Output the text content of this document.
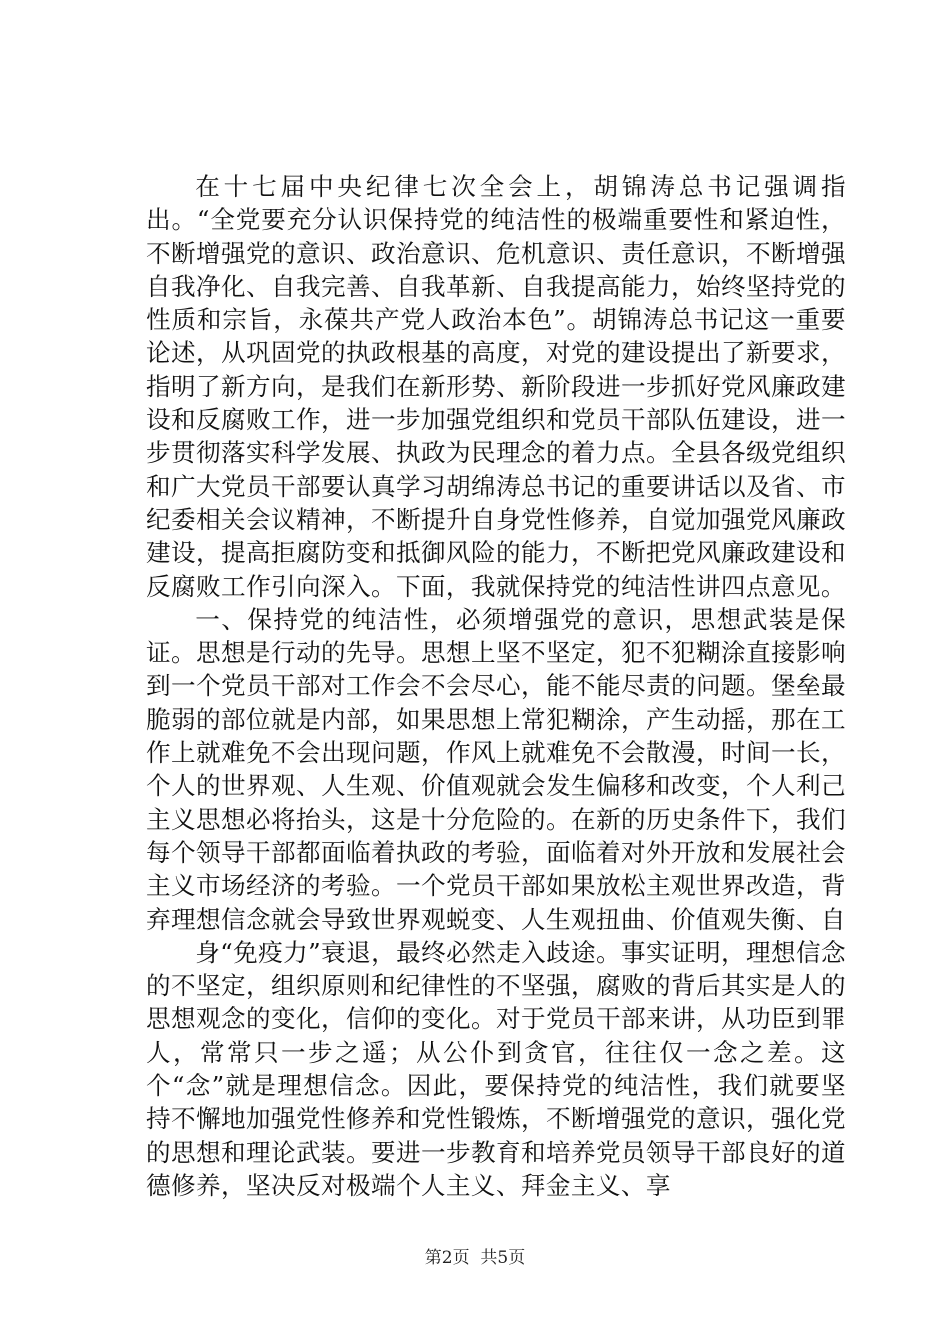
在十七届中央纪律七次全会上，胡锦涛总书记强调指出。“全党要充分认识保持党的纯洁性的极端重要性和紧迫性，不断增强党的意识、政治意识、危机意识、责任意识，不断增强自我净化、自我完善、自我革新、自我提高能力，始终坚持党的性质和宗旨，永葆共产党人政治本色”。胡锦涛总书记这一重要论述，从巩固党的执政根基的高度，对党的建设提出了新要求，指明了新方向，是我们在新形势、新阶段进一步抓好党风廉政建设和反腐败工作，进一步加强党组织和党员干部队伍建设，进一步贯彻落实科学发展、执政为民理念的着力点。全县各级党组织和广大党员干部要认真学习胡绵涛总书记的重要讲话以及省、市纪委相关会议精神，不断提升自身党性修养，自觉加强党风廉政建设，提高拒腐防变和抵御风险的能力，不断把党风廉政建设和反腐败工作引向深入。下面，我就保持党的纯洁性讲四点意见。

一、保持党的纯洁性，必须增强党的意识，思想武装是保证。思想是行动的先导。思想上坚不坚定，犯不犯糊涂直接影响到一个党员干部对工作会不会尽心，能不能尽责的问题。堡垒最脆弱的部位就是内部，如果思想上常犯糊涂，产生动摇，那在工作上就难免不会出现问题，作风上就难免不会散漫，时间一长，个人的世界观、人生观、价值观就会发生偏移和改变，个人利己主义思想必将抬头，这是十分危险的。在新的历史条件下，我们每个领导干部都面临着执政的考验，面临着对外开放和发展社会主义市场经济的考验。一个党员干部如果放松主观世界改造，背弃理想信念就会导致世界观蜕变、人生观扭曲、价值观失衡、自

身“免疫力”衰退，最终必然走入歧途。事实证明，理想信念的不坚定，组织原则和纪律性的不坚强，腐败的背后其实是人的思想观念的变化，信仰的变化。对于党员干部来讲，从功臣到罪人，常常只一步之遥；从公仆到贪官，往往仅一念之差。这个“念”就是理想信念。因此，要保持党的纯洁性，我们就要坚持不懈地加强党性修养和党性锻炼，不断增强党的意识，强化党的思想和理论武装。要进一步教育和培养党员领导干部良好的道德修养，坚决反对极端个人主义、拜金主义、享

第2页  共5页
